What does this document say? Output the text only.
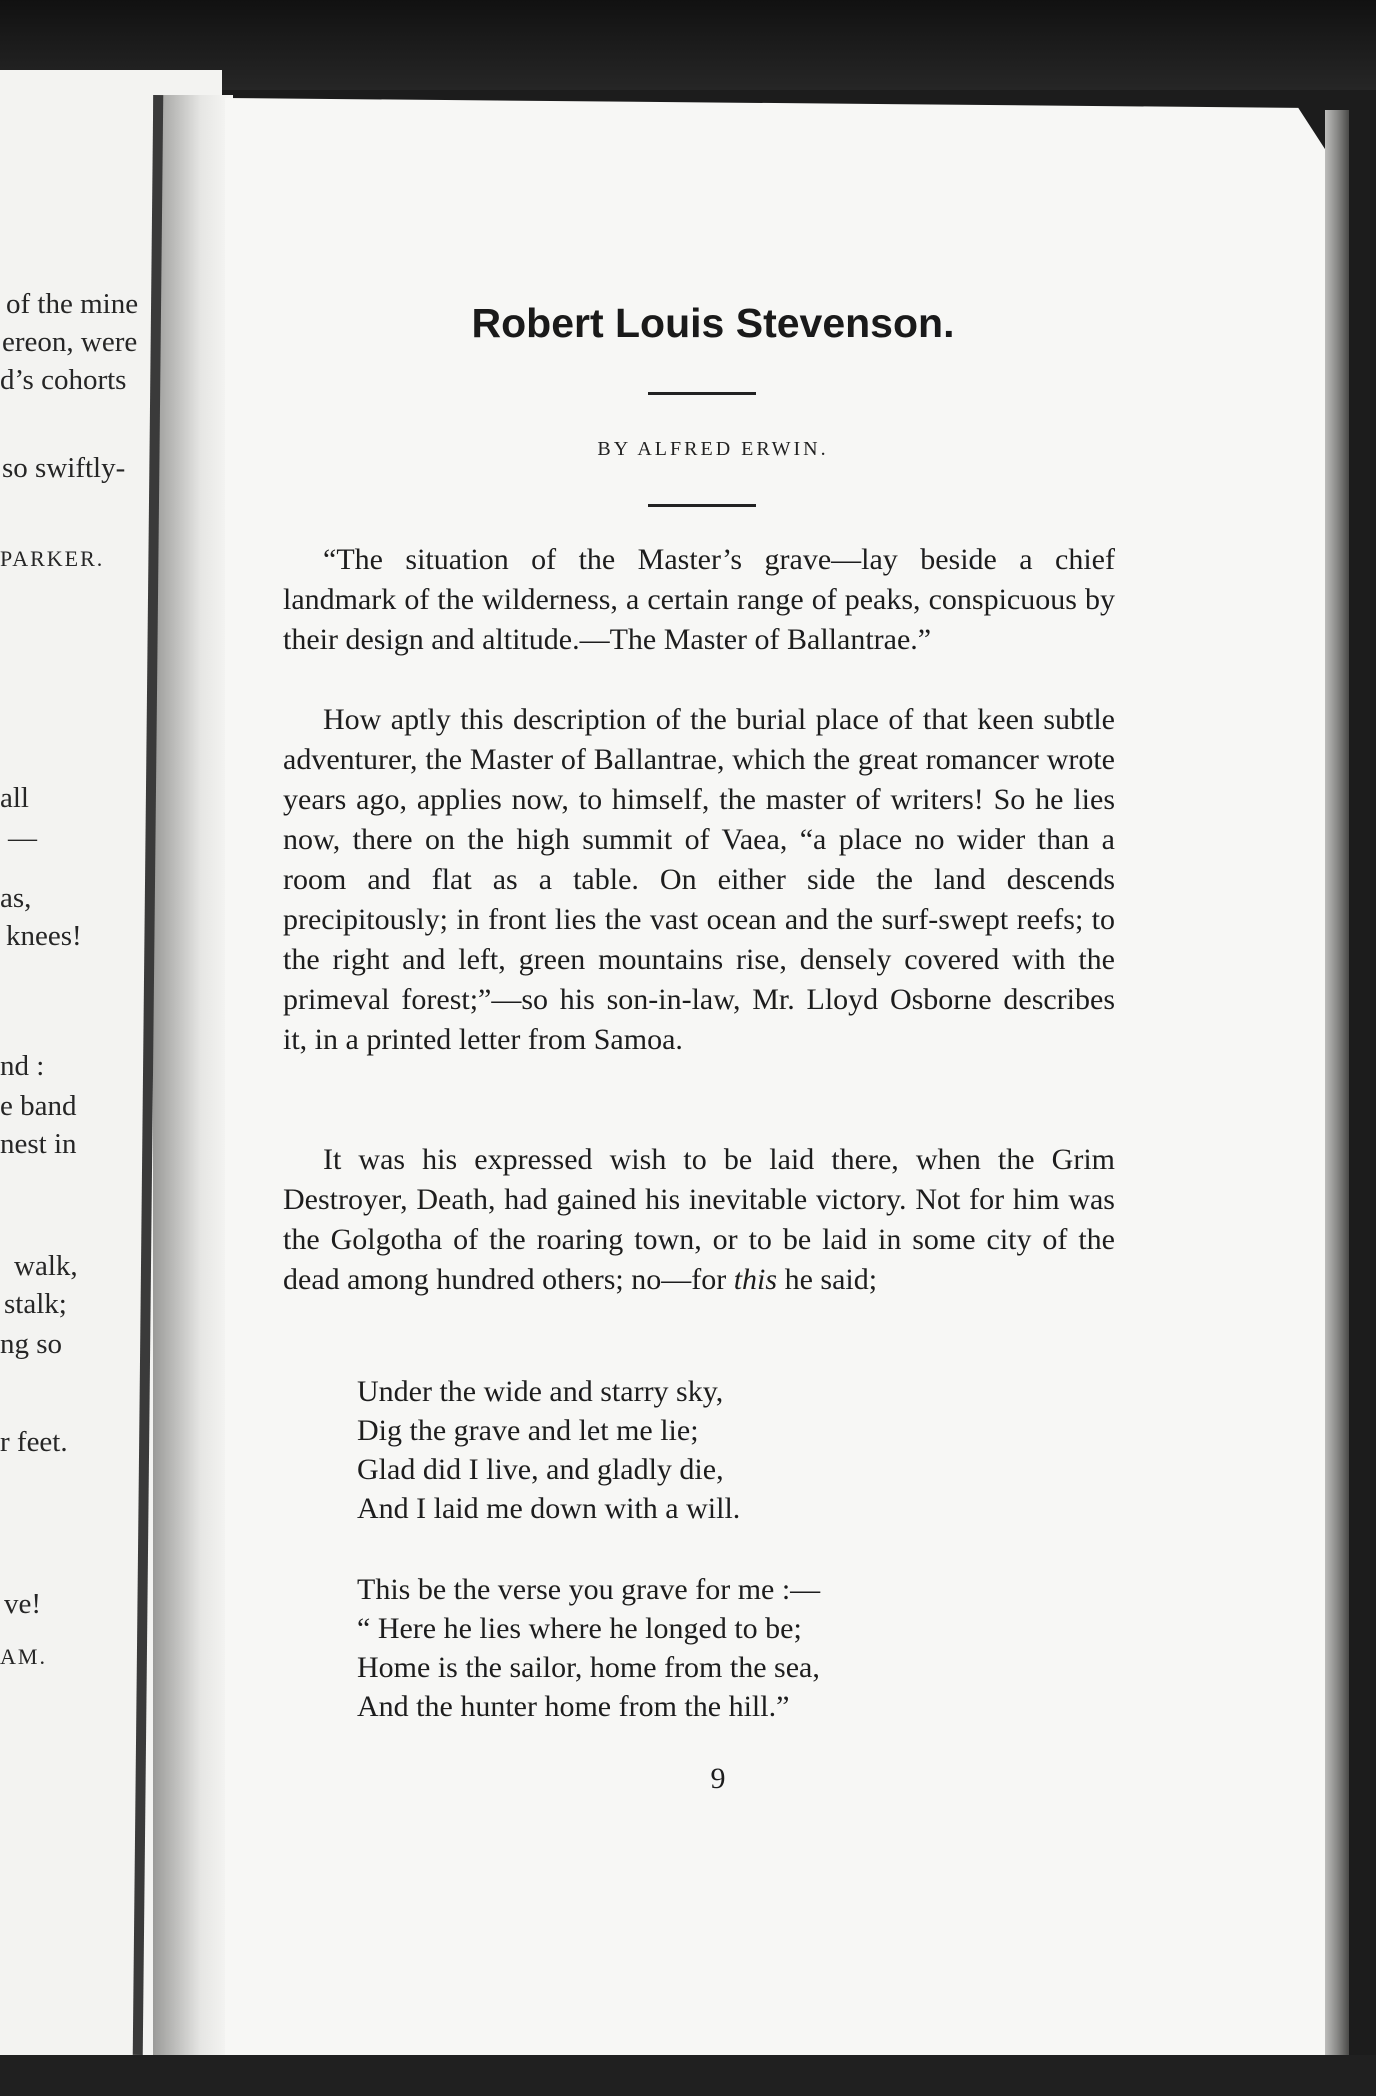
of the mine
ereon, were
d’s cohorts
so swiftly-
PARKER.
all
—
as,
knees!
nd :
e band
nest in
walk,
stalk;
ng so
r feet.
ve!
AM.
Robert Louis Stevenson.
BY ALFRED ERWIN.

“The situation of the Master’s grave—lay beside a chief landmark of the wilderness, a certain range of peaks, conspicuous by their design and altitude.—The Master of Ballantrae.”

How aptly this description of the burial place of that keen subtle adventurer, the Master of Ballantrae, which the great romancer wrote years ago, applies now, to himself, the master of writers! So he lies now, there on the high summit of Vaea, “a place no wider than a room and flat as a table. On either side the land descends precipitously; in front lies the vast ocean and the surf-swept reefs; to the right and left, green mountains rise, densely covered with the primeval forest;”—so his son-in-law, Mr. Lloyd Osborne describes it, in a printed letter from Samoa.

It was his expressed wish to be laid there, when the Grim Destroyer, Death, had gained his inevitable victory. Not for him was the Golgotha of the roaring town, or to be laid in some city of the dead among hundred others; no—for this he said;

Under the wide and starry sky,
Dig the grave and let me lie;
Glad did I live, and gladly die,
And I laid me down with a will.
This be the verse you grave for me :—
“ Here he lies where he longed to be;
Home is the sailor, home from the sea,
And the hunter home from the hill.”
9
